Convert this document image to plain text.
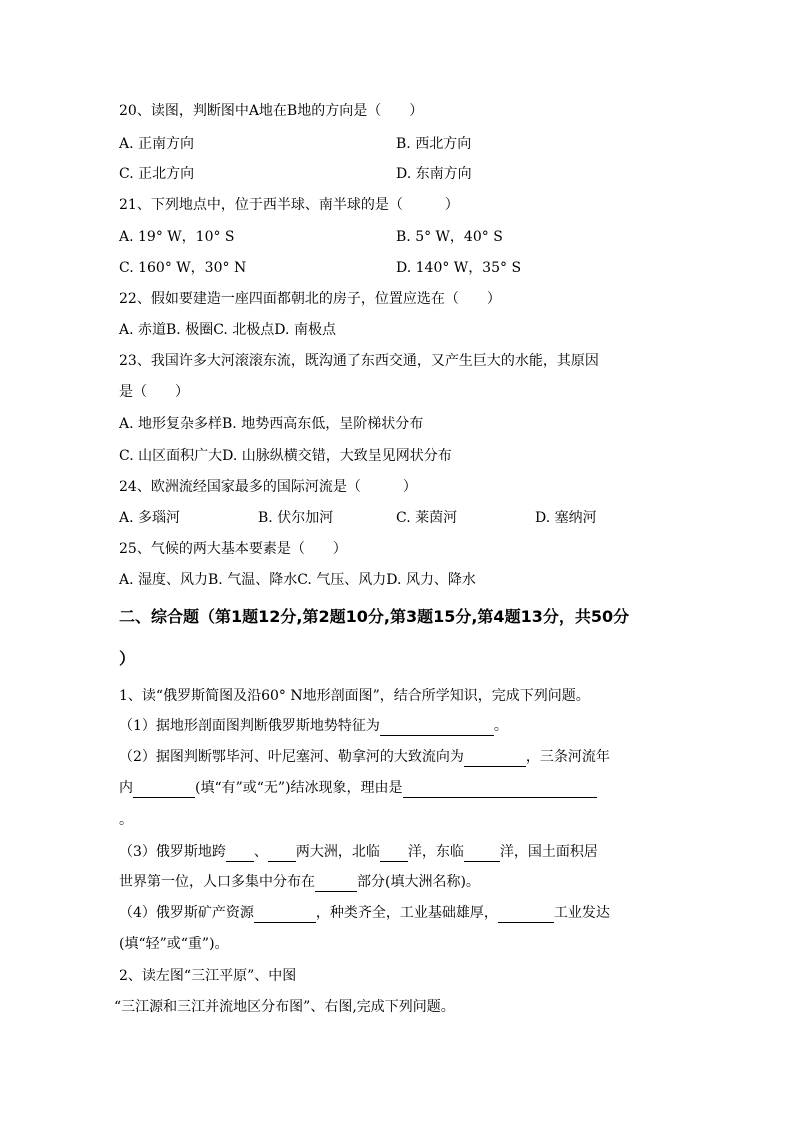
20、读图，判断图中A地在B地的方向是（　　）
A. 正南方向	B. 西北方向
C. 正北方向	D. 东南方向
21、下列地点中，位于西半球、南半球的是（　　　）
A. 19° W，10° S	B. 5° W，40° S
C. 160° W，30° N	D. 140° W，35° S
22、假如要建造一座四面都朝北的房子，位置应选在（　　）
A. 赤道B. 极圈C. 北极点D. 南极点
23、我国许多大河滚滚东流，既沟通了东西交通，又产生巨大的水能，其原因
是（　　）
A. 地形复杂多样B. 地势西高东低，呈阶梯状分布
C. 山区面积广大D. 山脉纵横交错，大致呈见网状分布
24、欧洲流经国家最多的国际河流是（　　　）
A. 多瑙河	B. 伏尔加河	C. 莱茵河	D. 塞纳河
25、气候的两大基本要素是（　　）
A. 湿度、风力B. 气温、降水C. 气压、风力D. 风力、降水
二、综合题（第1题12分,第2题10分,第3题15分,第4题13分，共50分
）
1、读“俄罗斯简图及沿60° N地形剖面图”，结合所学知识，完成下列问题。
（1）据地形剖面图判断俄罗斯地势特征为	。
（2）据图判断鄂毕河、叶尼塞河、勒拿河的大致流向为	，三条河流年
内	(填“有”或“无”)结冰现象，理由是
。
（3）俄罗斯地跨 、 两大洲，北临 洋，东临	洋，国土面积居
世界第一位，人口多集中分布在	部分(填大洲名称)。
（4）俄罗斯矿产资源	，种类齐全，工业基础雄厚，	工业发达
(填“轻”或“重”)。
2、读左图“三江平原”、中图
“三江源和三江并流地区分布图”、右图,完成下列问题。
